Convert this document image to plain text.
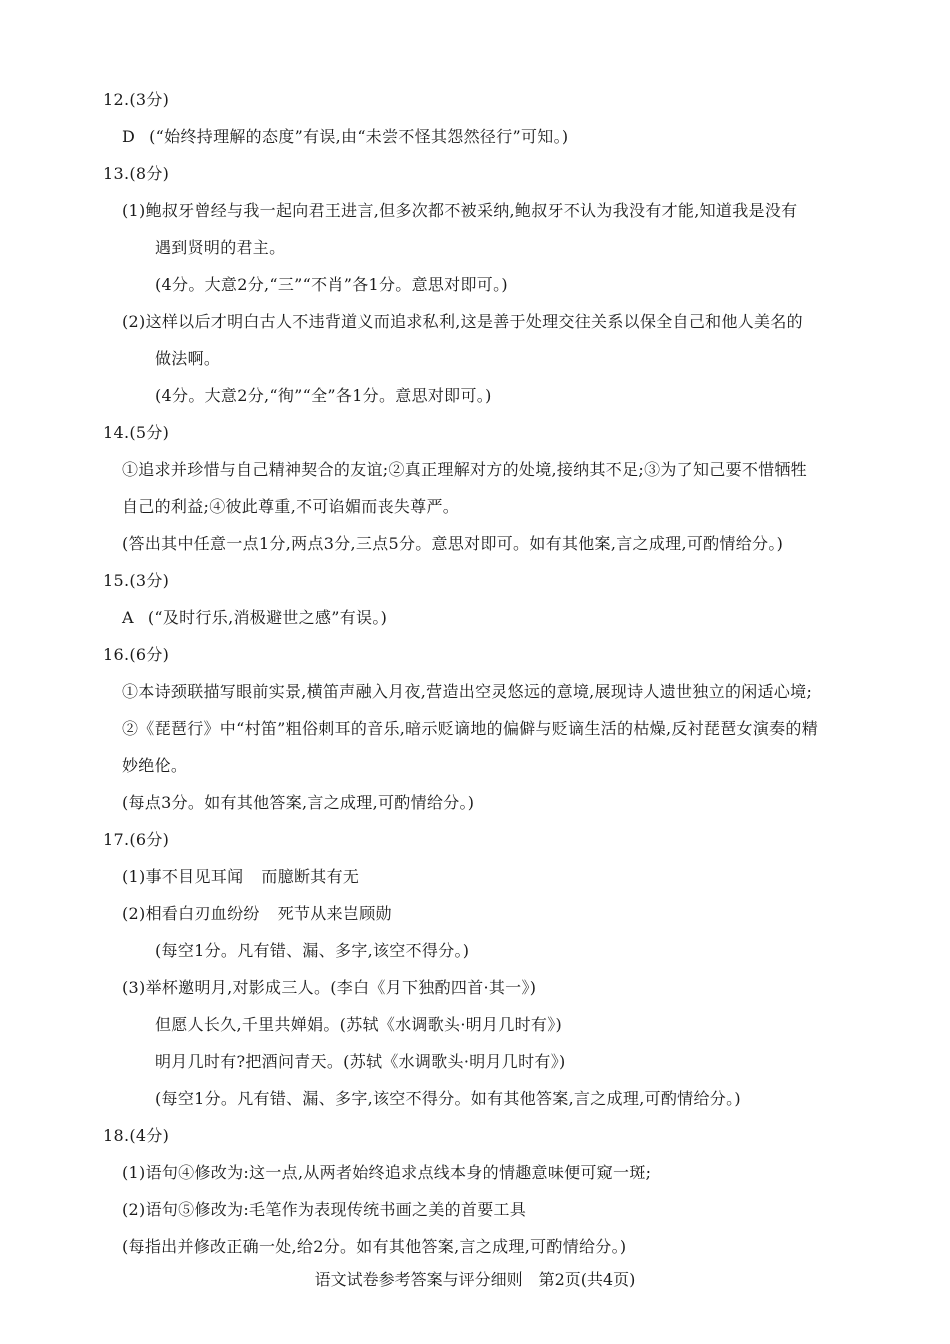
12.(3分)
D (“始终持理解的态度”有误,由“未尝不怪其怨然径行”可知。)
13.(8分)
(1)鲍叔牙曾经与我一起向君王进言,但多次都不被采纳,鲍叔牙不认为我没有才能,知道我是没有
遇到贤明的君主。
(4分。大意2分,“三”“不肖”各1分。意思对即可。)
(2)这样以后才明白古人不违背道义而追求私利,这是善于处理交往关系以保全自己和他人美名的
做法啊。
(4分。大意2分,“徇”“全”各1分。意思对即可。)
14.(5分)
①追求并珍惜与自己精神契合的友谊;②真正理解对方的处境,接纳其不足;③为了知己要不惜牺牲
自己的利益;④彼此尊重,不可谄媚而丧失尊严。
(答出其中任意一点1分,两点3分,三点5分。意思对即可。如有其他案,言之成理,可酌情给分。)
15.(3分)
A (“及时行乐,消极避世之感”有误。)
16.(6分)
①本诗颈联描写眼前实景,横笛声融入月夜,营造出空灵悠远的意境,展现诗人遗世独立的闲适心境;
②《琵琶行》中“村笛”粗俗刺耳的音乐,暗示贬谪地的偏僻与贬谪生活的枯燥,反衬琵琶女演奏的精
妙绝伦。
(每点3分。如有其他答案,言之成理,可酌情给分。)
17.(6分)
(1)事不目见耳闻 而臆断其有无
(2)相看白刃血纷纷 死节从来岂顾勋
(每空1分。凡有错、漏、多字,该空不得分。)
(3)举杯邀明月,对影成三人。(李白《月下独酌四首·其一》)
但愿人长久,千里共婵娟。(苏轼《水调歌头·明月几时有》)
明月几时有?把酒问青天。(苏轼《水调歌头·明月几时有》)
(每空1分。凡有错、漏、多字,该空不得分。如有其他答案,言之成理,可酌情给分。)
18.(4分)
(1)语句④修改为:这一点,从两者始终追求点线本身的情趣意味便可窥一斑;
(2)语句⑤修改为:毛笔作为表现传统书画之美的首要工具
(每指出并修改正确一处,给2分。如有其他答案,言之成理,可酌情给分。)
语文试卷参考答案与评分细则 第2页(共4页)
